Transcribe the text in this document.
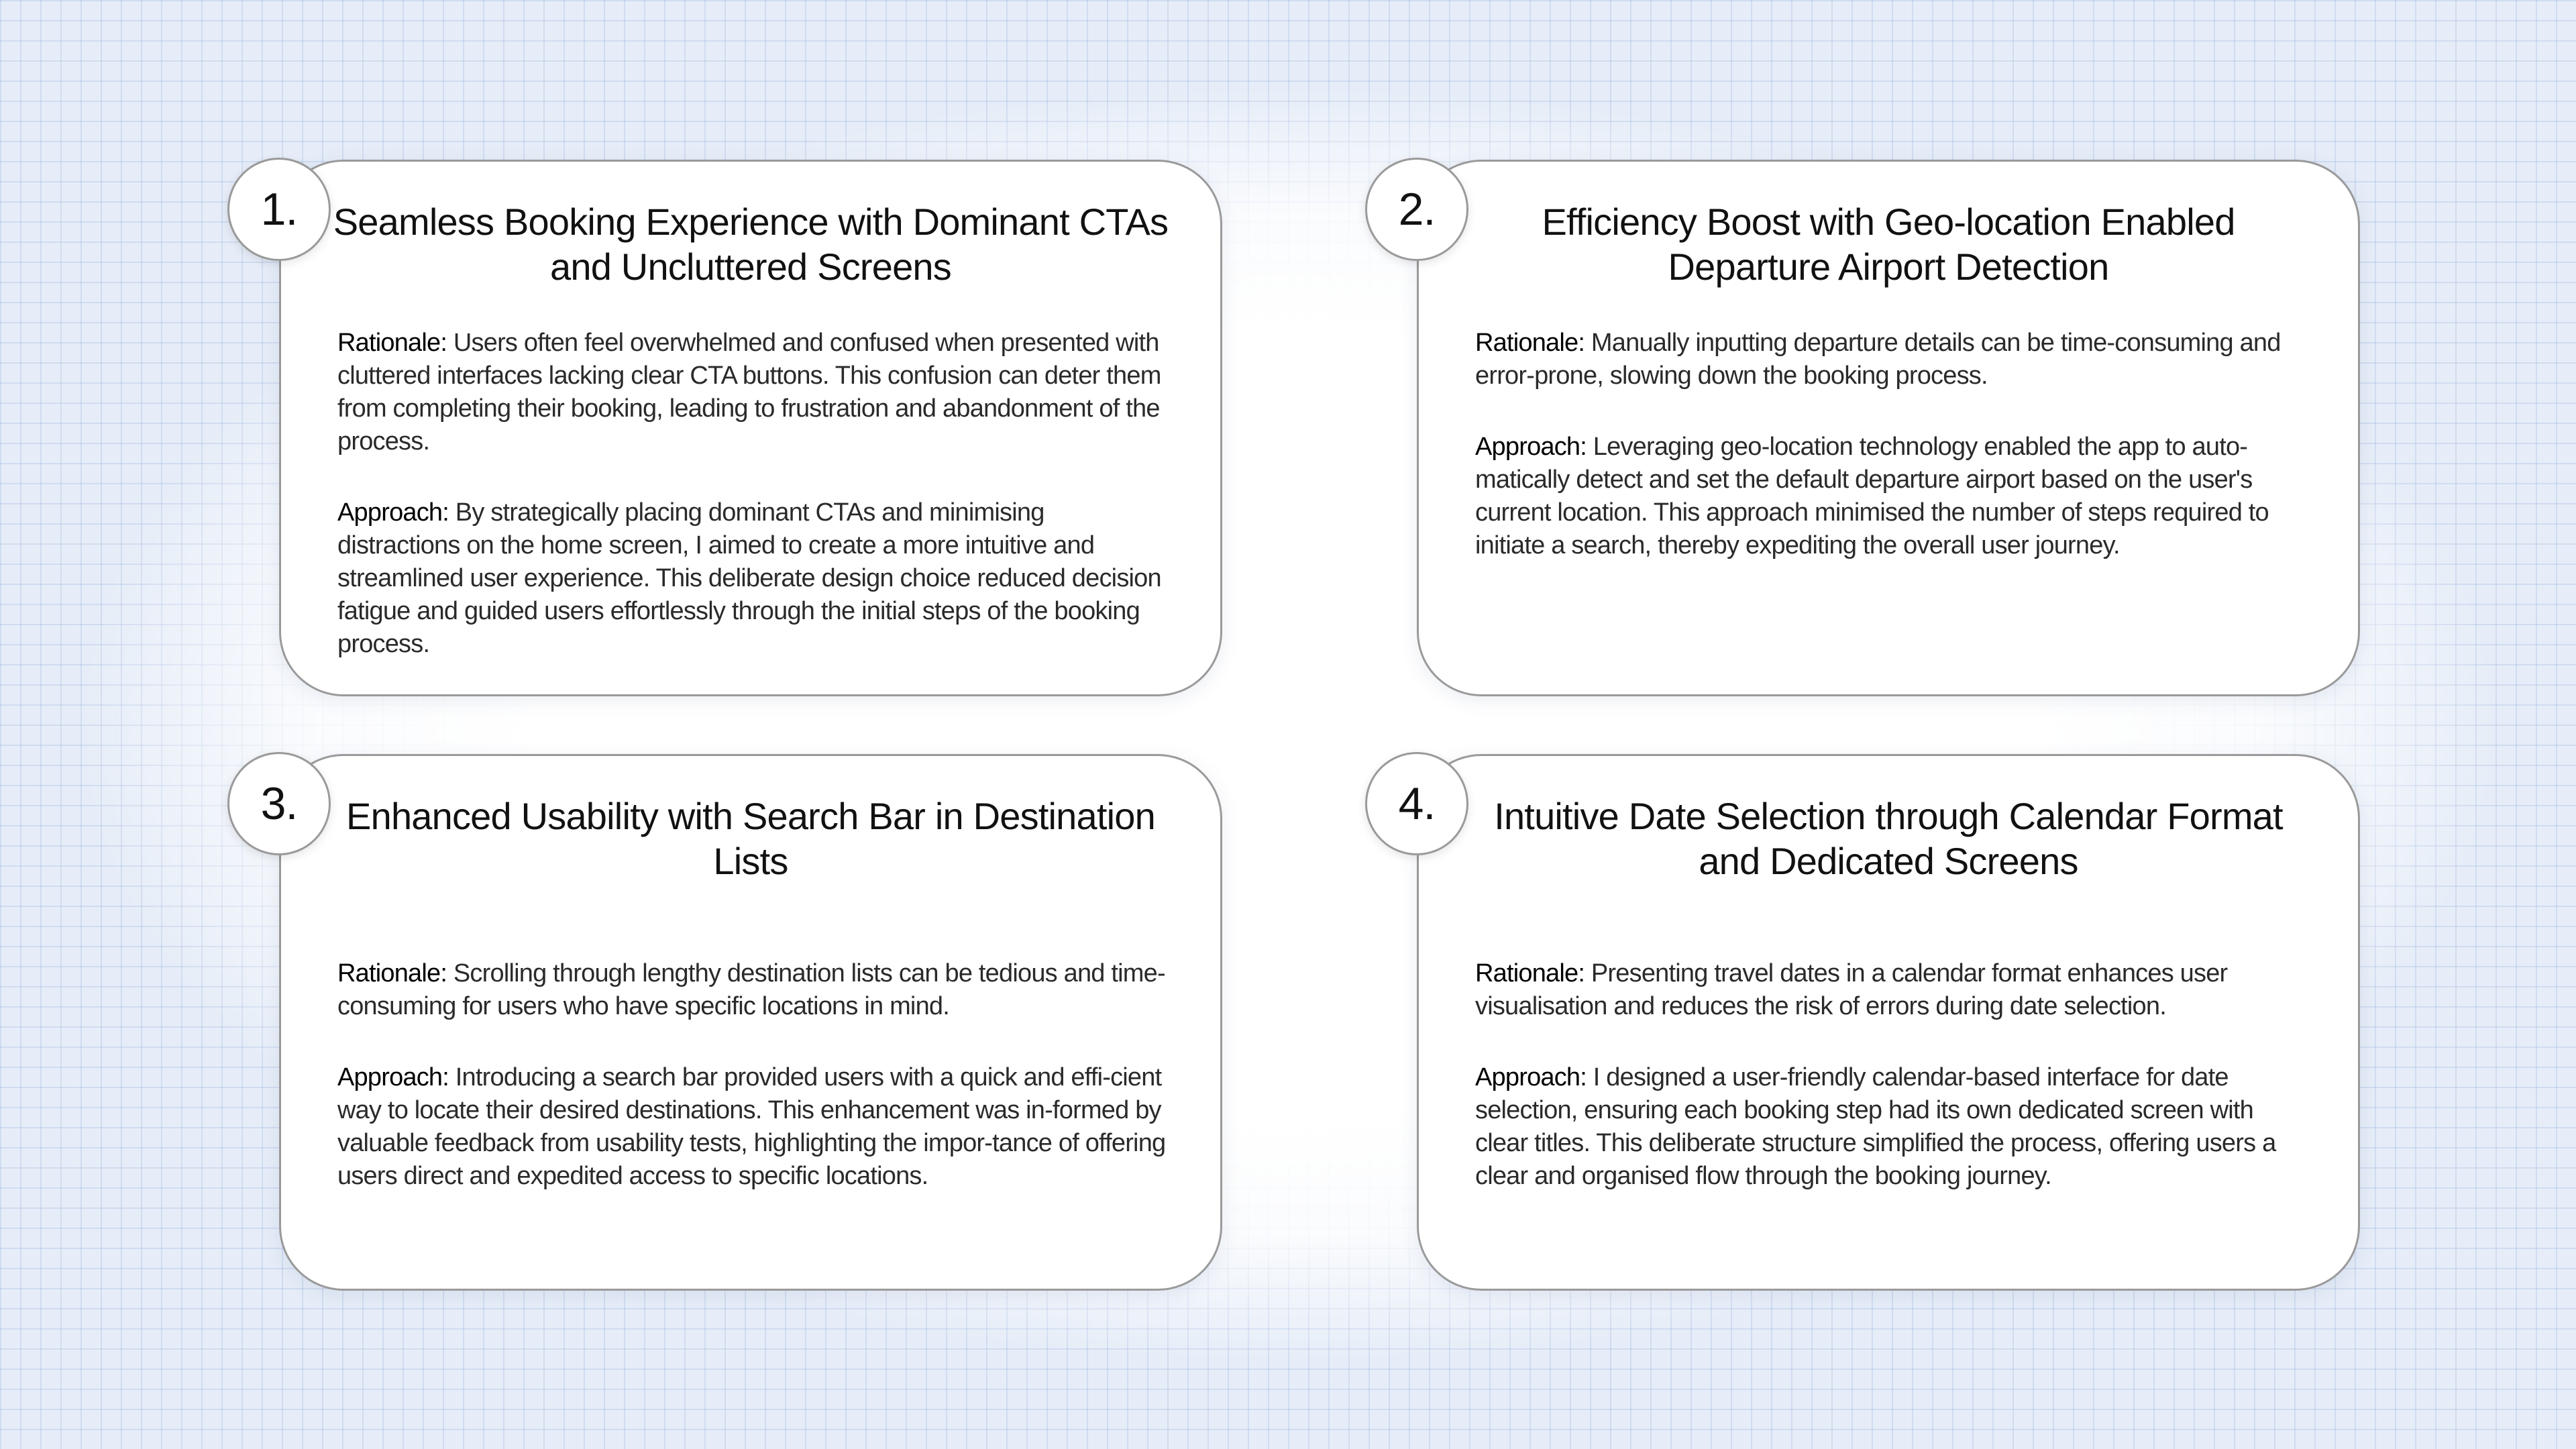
1. Seamless Booking Experience with Dominant CTAs and Uncluttered Screens

Rationale: Users often feel overwhelmed and confused when presented with cluttered interfaces lacking clear CTA buttons. This confusion can deter them from completing their booking, leading to frustration and abandonment of the process.

Approach: By strategically placing dominant CTAs and minimising distractions on the home screen, I aimed to create a more intuitive and streamlined user experience. This deliberate design choice reduced decision fatigue and guided users effortlessly through the initial steps of the booking process.

2.	Efficiency Boost with Geo-location Enabled Departure Airport Detection

Rationale: Manually inputting departure details can be time-consuming and error-prone, slowing down the booking process.

Approach: Leveraging geo-location technology enabled the app to auto-matically detect and set the default departure airport based on the user's current location. This approach minimised the number of steps required to initiate a search, thereby expediting the overall user journey.

3.	Enhanced Usability with Search Bar in Destination Lists

Rationale: Scrolling through lengthy destination lists can be tedious and time-consuming for users who have specific locations in mind.

Approach: Introducing a search bar provided users with a quick and effi-cient way to locate their desired destinations. This enhancement was in-formed by valuable feedback from usability tests, highlighting the impor-tance of offering users direct and expedited access to specific locations.

4.	Intuitive Date Selection through Calendar Format and Dedicated Screens

Rationale: Presenting travel dates in a calendar format enhances user visualisation and reduces the risk of errors during date selection.

Approach: I designed a user-friendly calendar-based interface for date selection, ensuring each booking step had its own dedicated screen with clear titles. This deliberate structure simplified the process, offering users a clear and organised flow through the booking journey.
